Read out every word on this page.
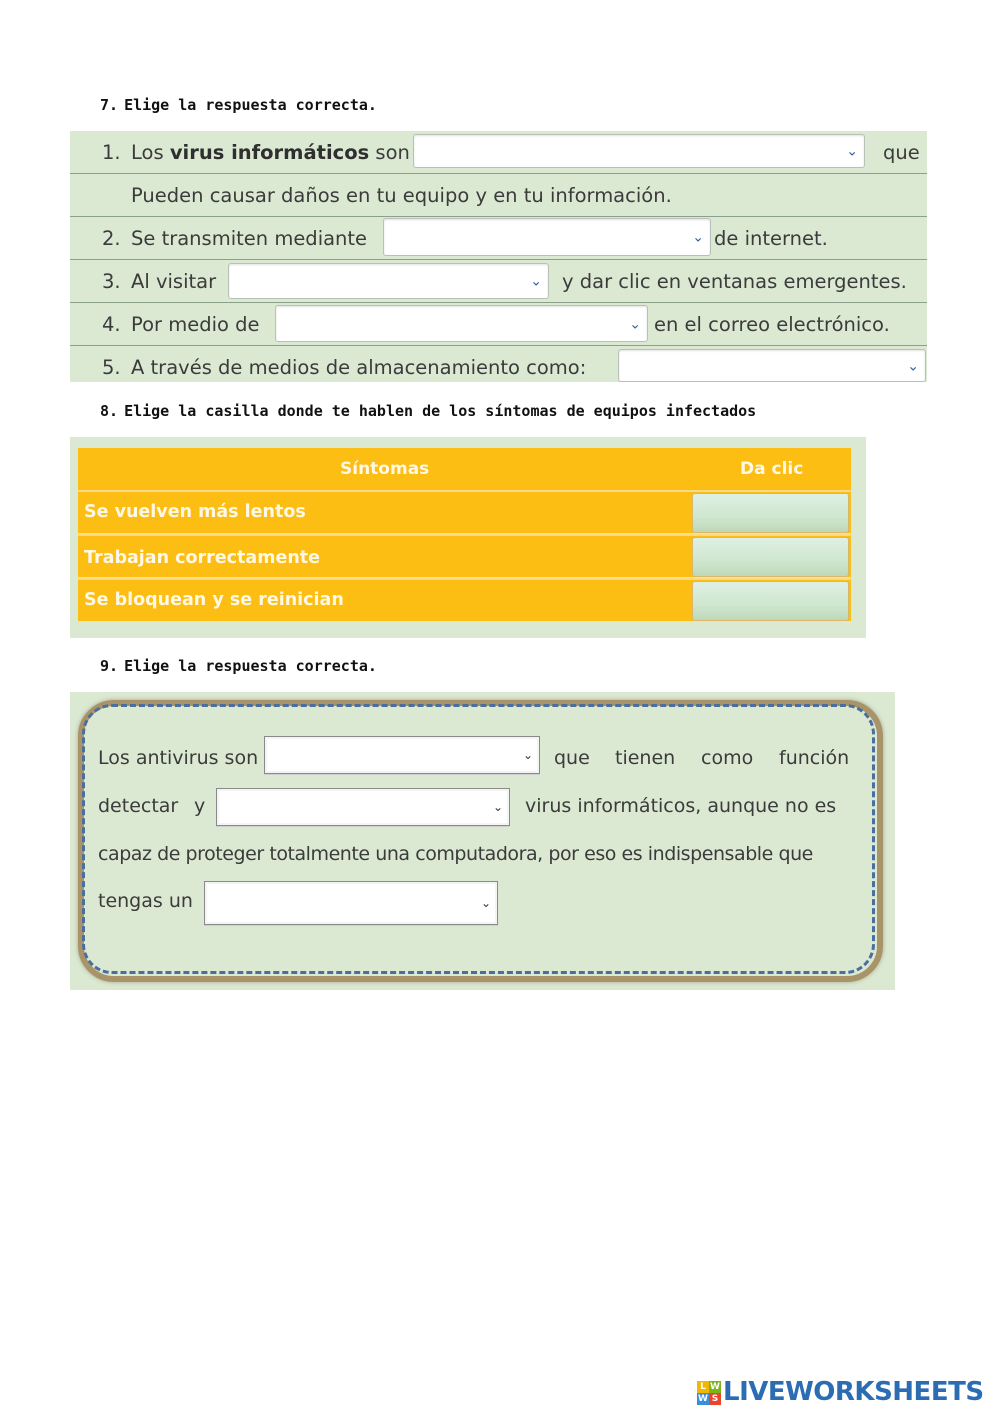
7. Elige la respuesta correcta.
1. Los virus informáticos son	⌄ que
Pueden causar daños en tu equipo y en tu información.
2. Se transmiten mediante	⌄ de internet.
3. Al visitar	⌄ y dar clic en ventanas emergentes.
4. Por medio de	⌄ en el correo electrónico.
5. A través de medios de almacenamiento como:	⌄
8. Elige la casilla donde te hablen de los síntomas de equipos infectados
Síntomas	Da clic
Se vuelven más lentos
Trabajan correctamente
Se bloquean y se reinician
9. Elige la respuesta correcta.
Los antivirus son	⌄ que tienen como función
detectar y	⌄ virus informáticos, aunque no es
capaz de proteger totalmente una computadora, por eso es indispensable que
tengas un	⌄
L W
W S LIVEWORKSHEETS
